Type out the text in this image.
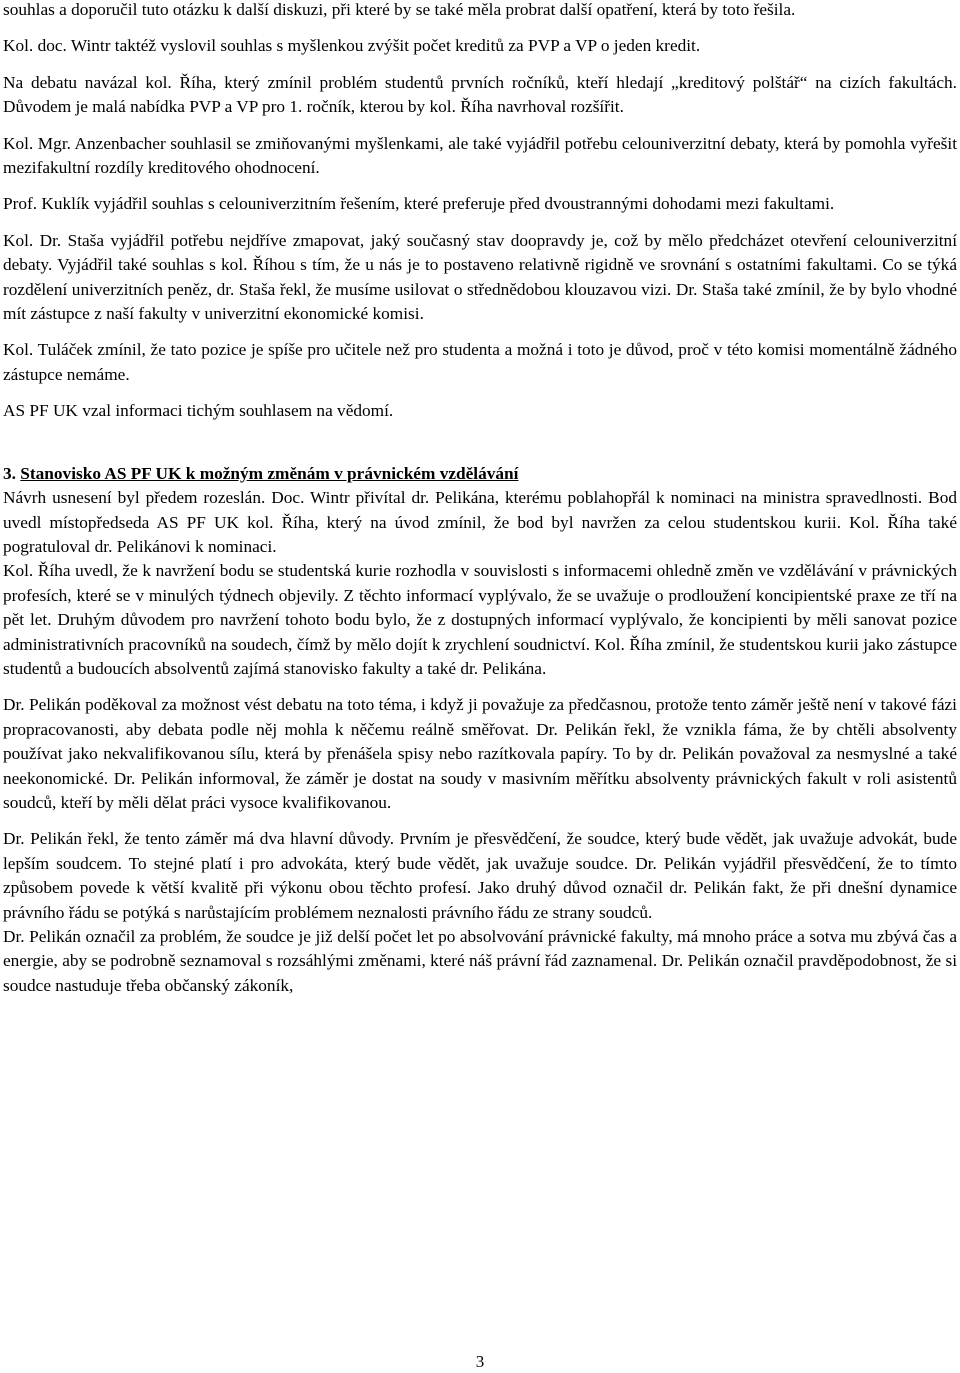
souhlas a doporučil tuto otázku k další diskuzi, při které by se také měla probrat další opatření, která by toto řešila.

Kol. doc. Wintr taktéž vyslovil souhlas s myšlenkou zvýšit počet kreditů za PVP a VP o jeden kredit.

Na debatu navázal kol. Říha, který zmínil problém studentů prvních ročníků, kteří hledají „kreditový polštář“ na cizích fakultách. Důvodem je malá nabídka PVP a VP pro 1. ročník, kterou by kol. Říha navrhoval rozšířit.

Kol. Mgr. Anzenbacher souhlasil se zmiňovanými myšlenkami, ale také vyjádřil potřebu celouniverzitní debaty, která by pomohla vyřešit mezifakultní rozdíly kreditového ohodnocení.

Prof. Kuklík vyjádřil souhlas s celouniverzitním řešením, které preferuje před dvoustrannými dohodami mezi fakultami.

Kol. Dr. Staša vyjádřil potřebu nejdříve zmapovat, jaký současný stav doopravdy je, což by mělo předcházet otevření celouniverzitní debaty. Vyjádřil také souhlas s kol. Říhou s tím, že u nás je to postaveno relativně rigidně ve srovnání s ostatními fakultami. Co se týká rozdělení univerzitních peněz, dr. Staša řekl, že musíme usilovat o střednědobou klouzavou vizi. Dr. Staša také zmínil, že by bylo vhodné mít zástupce z naší fakulty v univerzitní ekonomické komisi.

Kol. Tuláček zmínil, že tato pozice je spíše pro učitele než pro studenta a možná i toto je důvod, proč v této komisi momentálně žádného zástupce nemáme.

AS PF UK vzal informaci tichým souhlasem na vědomí.

3. Stanovisko AS PF UK k možným změnám v právnickém vzdělávání

Návrh usnesení byl předem rozeslán. Doc. Wintr přivítal dr. Pelikána, kterému poblahopřál k nominaci na ministra spravedlnosti. Bod uvedl místopředseda AS PF UK kol. Říha, který na úvod zmínil, že bod byl navržen za celou studentskou kurii. Kol. Říha také pogratuloval dr. Pelikánovi k nominaci.

Kol. Říha uvedl, že k navržení bodu se studentská kurie rozhodla v souvislosti s informacemi ohledně změn ve vzdělávání v právnických profesích, které se v minulých týdnech objevily. Z těchto informací vyplývalo, že se uvažuje o prodloužení koncipientské praxe ze tří na pět let. Druhým důvodem pro navržení tohoto bodu bylo, že z dostupných informací vyplývalo, že koncipienti by měli sanovat pozice administrativních pracovníků na soudech, čímž by mělo dojít k zrychlení soudnictví. Kol. Říha zmínil, že studentskou kurii jako zástupce studentů a budoucích absolventů zajímá stanovisko fakulty a také dr. Pelikána.

Dr. Pelikán poděkoval za možnost vést debatu na toto téma, i když ji považuje za předčasnou, protože tento záměr ještě není v takové fázi propracovanosti, aby debata podle něj mohla k něčemu reálně směřovat. Dr. Pelikán řekl, že vznikla fáma, že by chtěli absolventy používat jako nekvalifikovanou sílu, která by přenášela spisy nebo razítkovala papíry. To by dr. Pelikán považoval za nesmyslné a také neekonomické. Dr. Pelikán informoval, že záměr je dostat na soudy v masivním měřítku absolventy právnických fakult v roli asistentů soudců, kteří by měli dělat práci vysoce kvalifikovanou.

Dr. Pelikán řekl, že tento záměr má dva hlavní důvody. Prvním je přesvědčení, že soudce, který bude vědět, jak uvažuje advokát, bude lepším soudcem. To stejné platí i pro advokáta, který bude vědět, jak uvažuje soudce. Dr. Pelikán vyjádřil přesvědčení, že to tímto způsobem povede k větší kvalitě při výkonu obou těchto profesí. Jako druhý důvod označil dr. Pelikán fakt, že při dnešní dynamice právního řádu se potýká s narůstajícím problémem neznalosti právního řádu ze strany soudců.

Dr. Pelikán označil za problém, že soudce je již delší počet let po absolvování právnické fakulty, má mnoho práce a sotva mu zbývá čas a energie, aby se podrobně seznamoval s rozsáhlými změnami, které náš právní řád zaznamenal. Dr. Pelikán označil pravděpodobnost, že si soudce nastuduje třeba občanský zákoník,

3
